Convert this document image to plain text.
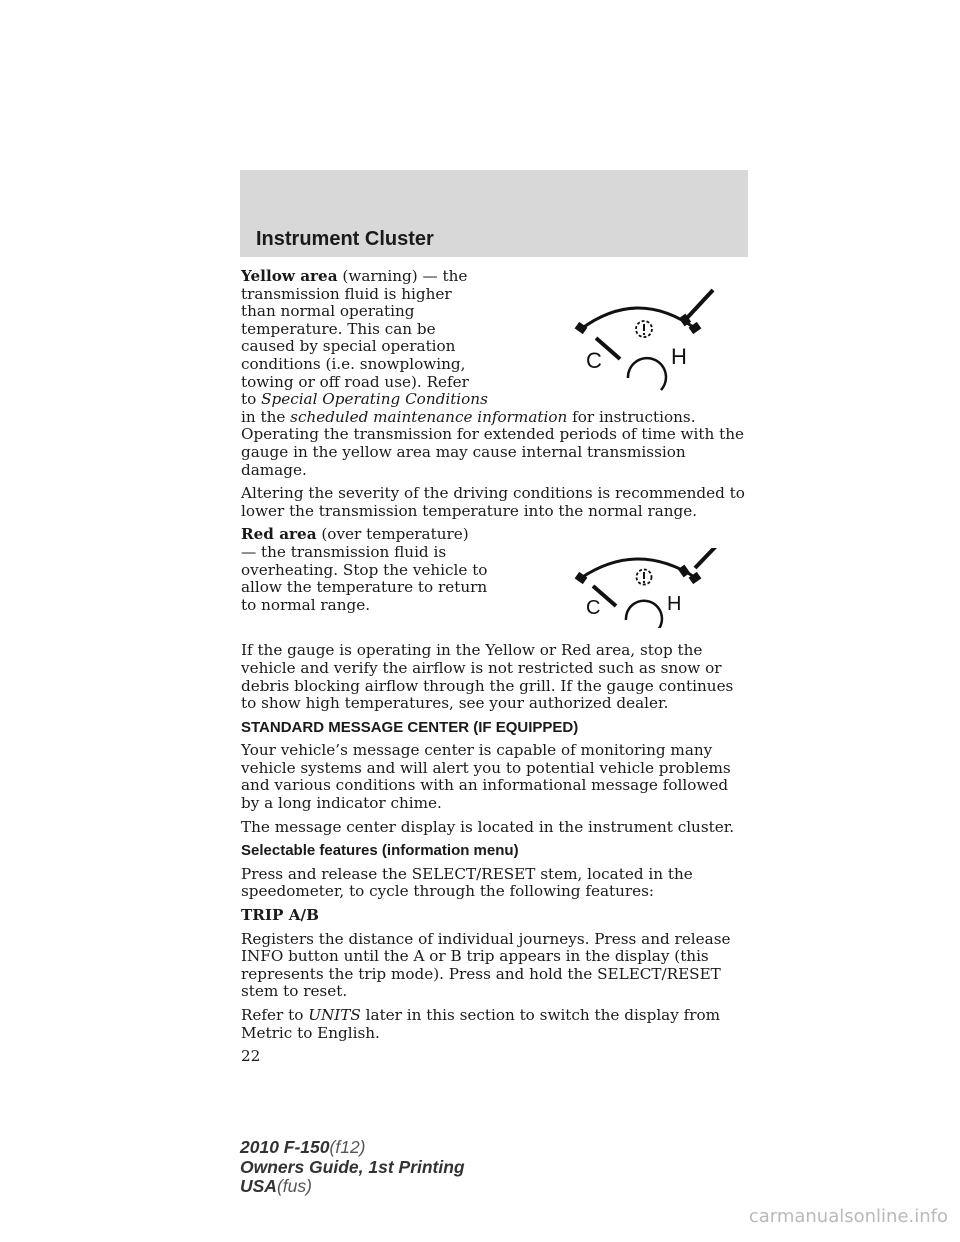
Instrument Cluster
C	H

Yellow area (warning) — the transmission fluid is higher than normal operating temperature. This can be caused by special operation conditions (i.e. snowplowing, towing or off road use). Refer to Special Operating Conditions in the scheduled maintenance information for instructions. Operating the transmission for extended periods of time with the gauge in the yellow area may cause internal transmission damage.

Altering the severity of the driving conditions is recommended to lower the transmission temperature into the normal range.

C	H

Red area (over temperature) — the transmission fluid is overheating. Stop the vehicle to allow the temperature to return to normal range.

If the gauge is operating in the Yellow or Red area, stop the vehicle and verify the airflow is not restricted such as snow or debris blocking airflow through the grill. If the gauge continues to show high temperatures, see your authorized dealer.

STANDARD MESSAGE CENTER (IF EQUIPPED)

Your vehicle’s message center is capable of monitoring many vehicle systems and will alert you to potential vehicle problems and various conditions with an informational message followed by a long indicator chime.

The message center display is located in the instrument cluster.

Selectable features (information menu)

Press and release the SELECT/RESET stem, located in the speedometer, to cycle through the following features:

TRIP A/B

Registers the distance of individual journeys. Press and release INFO button until the A or B trip appears in the display (this represents the trip mode). Press and hold the SELECT/RESET stem to reset.

Refer to UNITS later in this section to switch the display from Metric to English.

22

2010 F-150(f12)
Owners Guide, 1st Printing
USA(fus)
carmanualsonline.info
